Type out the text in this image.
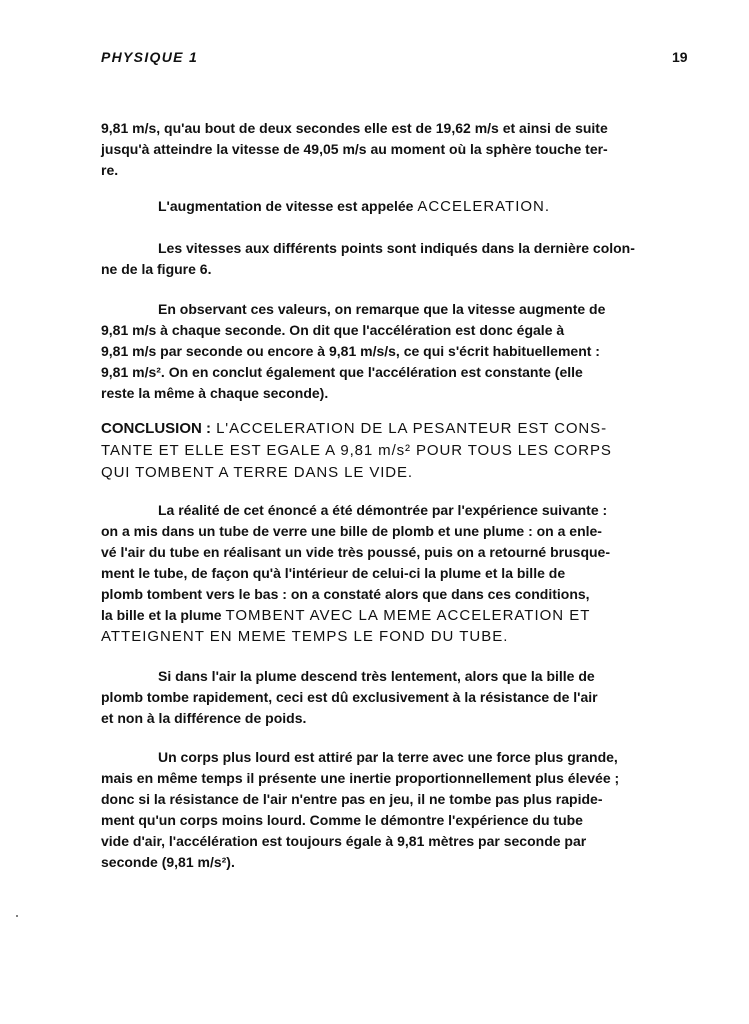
PHYSIQUE 1	19

9,81 m/s, qu'au bout de deux secondes elle est de 19,62 m/s et ainsi de suite
jusqu'à atteindre la vitesse de 49,05 m/s au moment où la sphère touche ter-
re.

L'augmentation de vitesse est appelée ACCELERATION.

Les vitesses aux différents points sont indiqués dans la dernière colon-
ne de la figure 6.

En observant ces valeurs, on remarque que la vitesse augmente de
9,81 m/s à chaque seconde. On dit que l'accélération est donc égale à
9,81 m/s par seconde ou encore à 9,81 m/s/s, ce qui s'écrit habituellement :
9,81 m/s². On en conclut également que l'accélération est constante (elle
reste la même à chaque seconde).

CONCLUSION : L'ACCELERATION DE LA PESANTEUR EST CONS-
TANTE ET ELLE EST EGALE A 9,81 m/s² POUR TOUS LES CORPS
QUI TOMBENT A TERRE DANS LE VIDE.

La réalité de cet énoncé a été démontrée par l'expérience suivante :
on a mis dans un tube de verre une bille de plomb et une plume : on a enle-
vé l'air du tube en réalisant un vide très poussé, puis on a retourné brusque-
ment le tube, de façon qu'à l'intérieur de celui-ci la plume et la bille de
plomb tombent vers le bas : on a constaté alors que dans ces conditions,
la bille et la plume TOMBENT AVEC LA MEME ACCELERATION ET
ATTEIGNENT EN MEME TEMPS LE FOND DU TUBE.

Si dans l'air la plume descend très lentement, alors que la bille de
plomb tombe rapidement, ceci est dû exclusivement à la résistance de l'air
et non à la différence de poids.

Un corps plus lourd est attiré par la terre avec une force plus grande,
mais en même temps il présente une inertie proportionnellement plus élevée ;
donc si la résistance de l'air n'entre pas en jeu, il ne tombe pas plus rapide-
ment qu'un corps moins lourd. Comme le démontre l'expérience du tube
vide d'air, l'accélération est toujours égale à 9,81 mètres par seconde par
seconde (9,81 m/s²).
